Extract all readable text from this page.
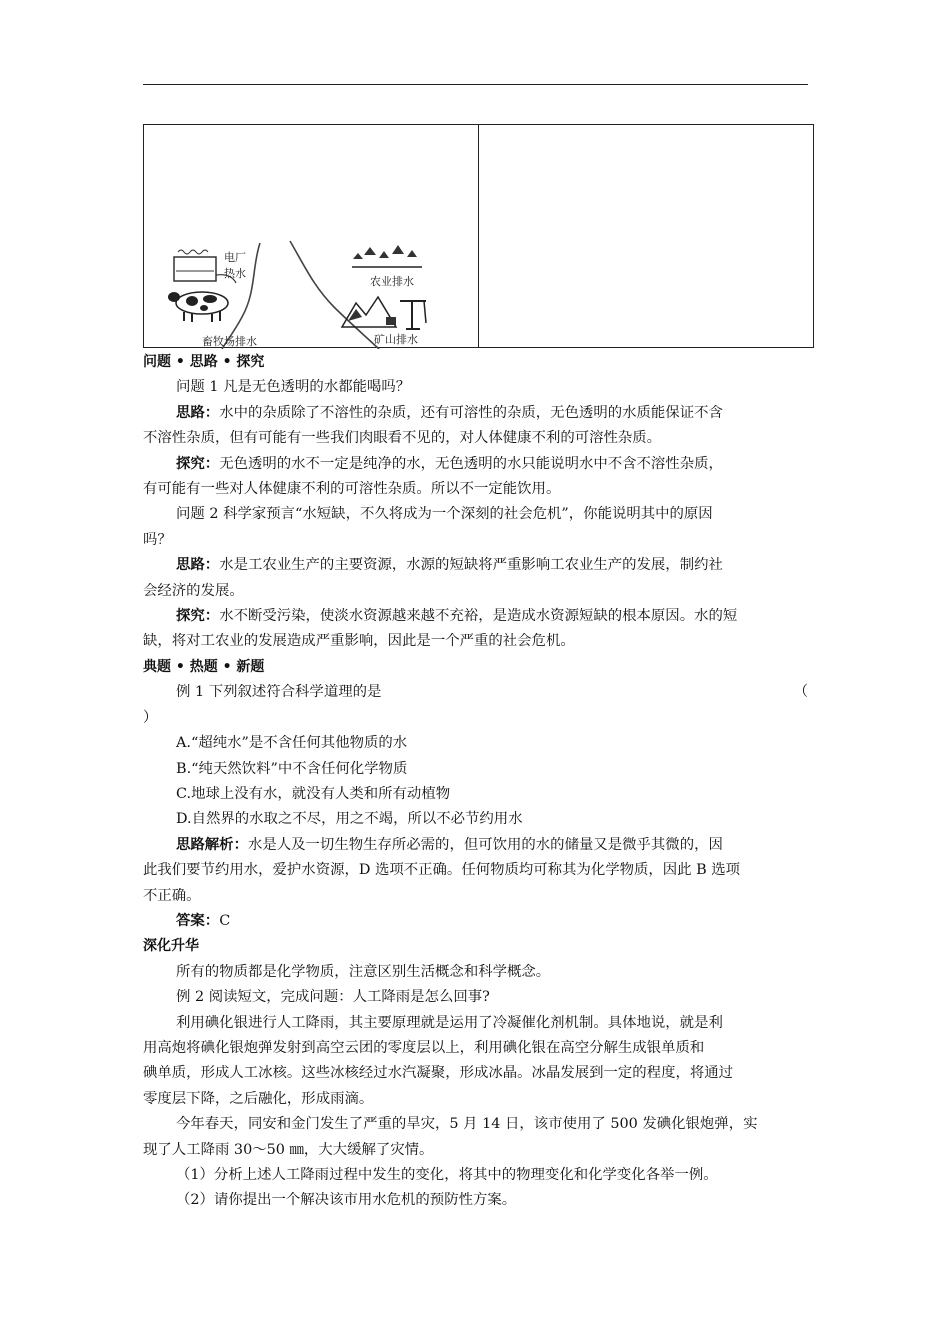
电厂
热水
畜牧场排水
农业排水
矿山排水
问题 • 思路 • 探究
问题 1 凡是无色透明的水都能喝吗？
思路：水中的杂质除了不溶性的杂质，还有可溶性的杂质，无色透明的水质能保证不含
不溶性杂质，但有可能有一些我们肉眼看不见的，对人体健康不利的可溶性杂质。
探究：无色透明的水不一定是纯净的水，无色透明的水只能说明水中不含不溶性杂质，
有可能有一些对人体健康不利的可溶性杂质。所以不一定能饮用。
问题 2 科学家预言“水短缺，不久将成为一个深刻的社会危机”，你能说明其中的原因
吗？
思路：水是工农业生产的主要资源，水源的短缺将严重影响工农业生产的发展，制约社
会经济的发展。
探究：水不断受污染，使淡水资源越来越不充裕，是造成水资源短缺的根本原因。水的短
缺，将对工农业的发展造成严重影响，因此是一个严重的社会危机。
典题 • 热题 • 新题
例 1 下列叙述符合科学道理的是	（
）
A.“超纯水”是不含任何其他物质的水
B.“纯天然饮料”中不含任何化学物质
C.地球上没有水，就没有人类和所有动植物
D.自然界的水取之不尽，用之不竭，所以不必节约用水
思路解析：水是人及一切生物生存所必需的，但可饮用的水的储量又是微乎其微的，因
此我们要节约用水，爱护水资源，D 选项不正确。任何物质均可称其为化学物质，因此 B 选项
不正确。
答案：C
深化升华
所有的物质都是化学物质，注意区别生活概念和科学概念。
例 2 阅读短文，完成问题：人工降雨是怎么回事?
利用碘化银进行人工降雨，其主要原理就是运用了冷凝催化剂机制。具体地说，就是利
用高炮将碘化银炮弹发射到高空云团的零度层以上，利用碘化银在高空分解生成银单质和
碘单质，形成人工冰核。这些冰核经过水汽凝聚，形成冰晶。冰晶发展到一定的程度，将通过
零度层下降，之后融化，形成雨滴。
今年春天，同安和金门发生了严重的旱灾，5 月 14 日，该市使用了 500 发碘化银炮弹，实
现了人工降雨 30～50 ㎜，大大缓解了灾情。
（1）分析上述人工降雨过程中发生的变化，将其中的物理变化和化学变化各举一例。
（2）请你提出一个解决该市用水危机的预防性方案。
